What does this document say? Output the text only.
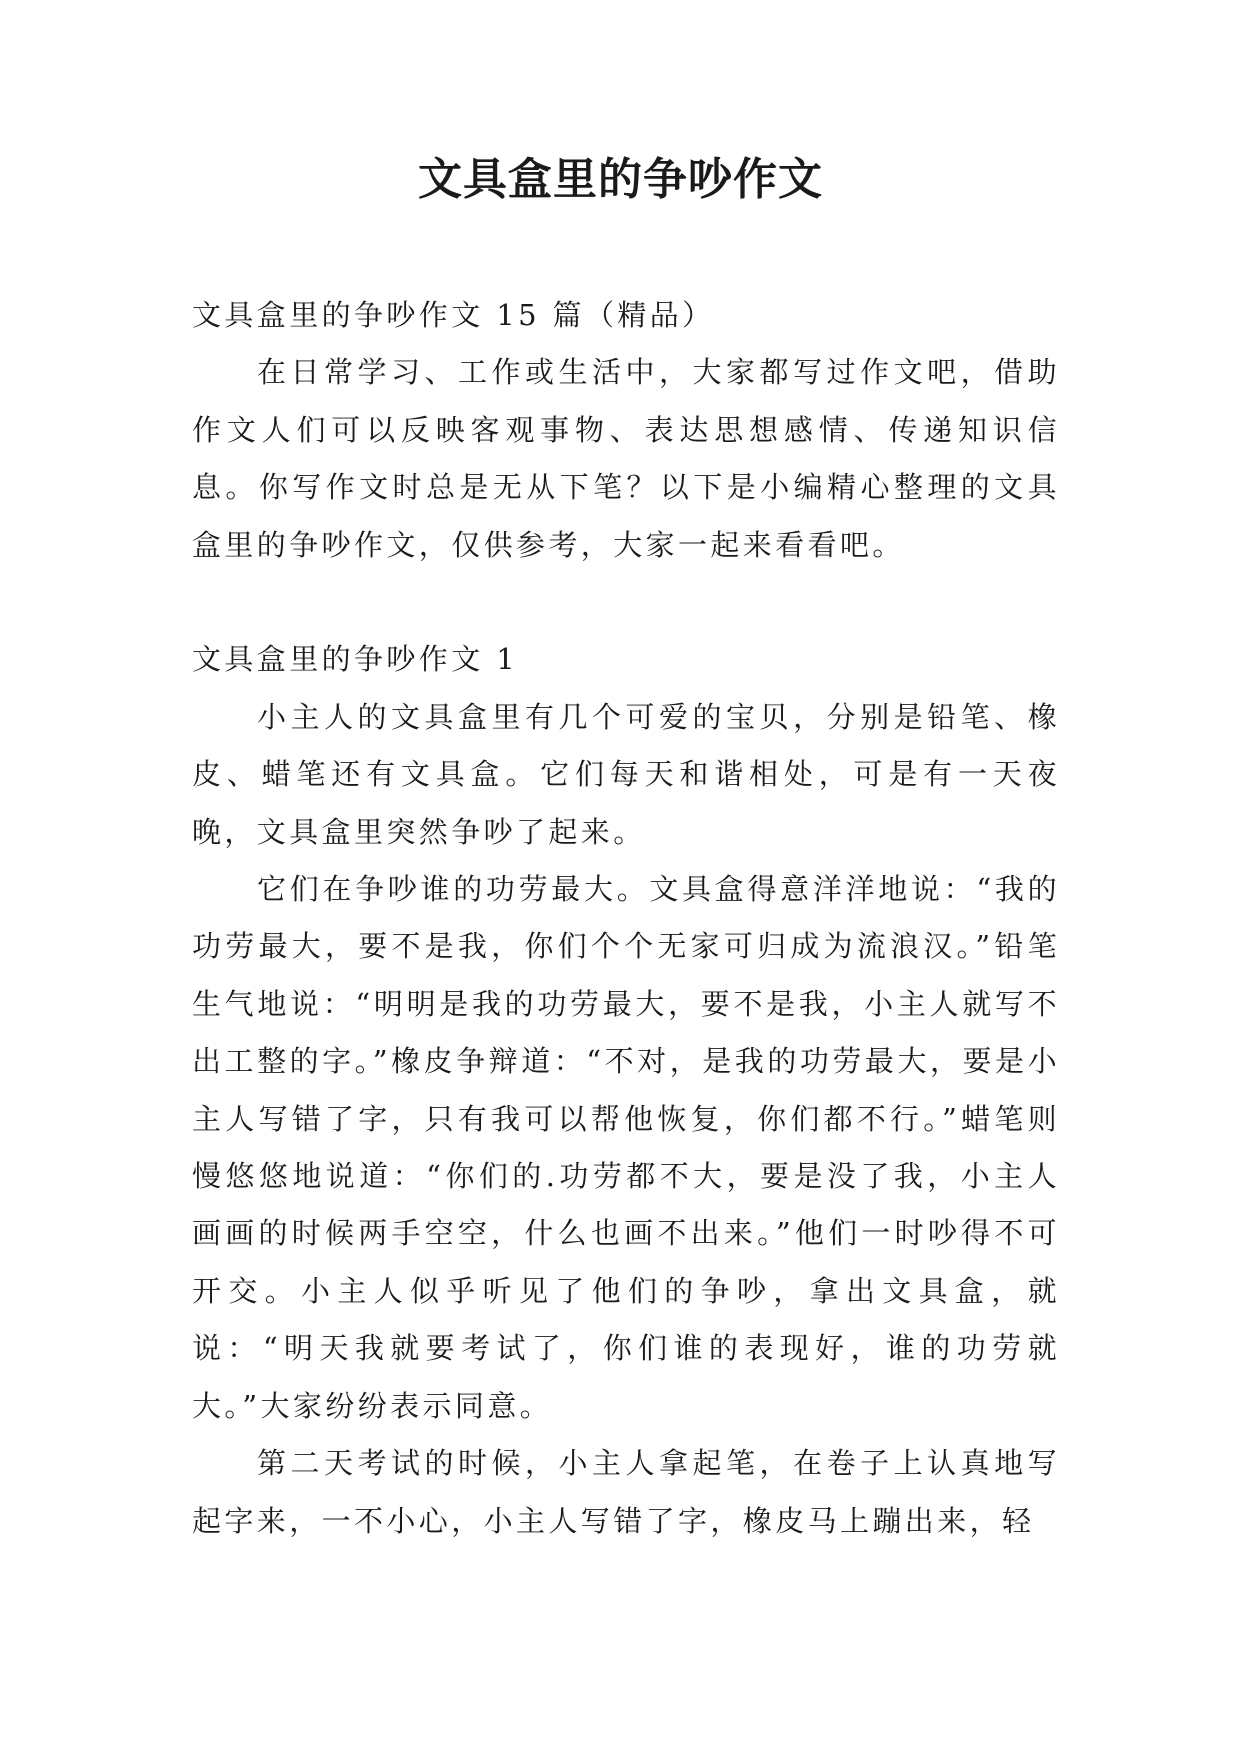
文具盒里的争吵作文

文具盒里的争吵作文 15 篇（精品）

在日常学习、工作或生活中，大家都写过作文吧，借助作文人们可以反映客观事物、表达思想感情、传递知识信息。你写作文时总是无从下笔？以下是小编精心整理的文具盒里的争吵作文，仅供参考，大家一起来看看吧。

文具盒里的争吵作文 1

小主人的文具盒里有几个可爱的宝贝，分别是铅笔、橡皮、蜡笔还有文具盒。它们每天和谐相处，可是有一天夜晚，文具盒里突然争吵了起来。

它们在争吵谁的功劳最大。文具盒得意洋洋地说：“我的功劳最大，要不是我，你们个个无家可归成为流浪汉。”铅笔生气地说：“明明是我的功劳最大，要不是我，小主人就写不出工整的字。”橡皮争辩道：“不对，是我的功劳最大，要是小主人写错了字，只有我可以帮他恢复，你们都不行。”蜡笔则慢悠悠地说道：“你们的.功劳都不大，要是没了我，小主人画画的时候两手空空，什么也画不出来。”他们一时吵得不可开交。小主人似乎听见了他们的争吵，拿出文具盒，就说：“明天我就要考试了，你们谁的表现好，谁的功劳就大。”大家纷纷表示同意。

第二天考试的时候，小主人拿起笔，在卷子上认真地写起字来，一不小心，小主人写错了字，橡皮马上蹦出来，轻
